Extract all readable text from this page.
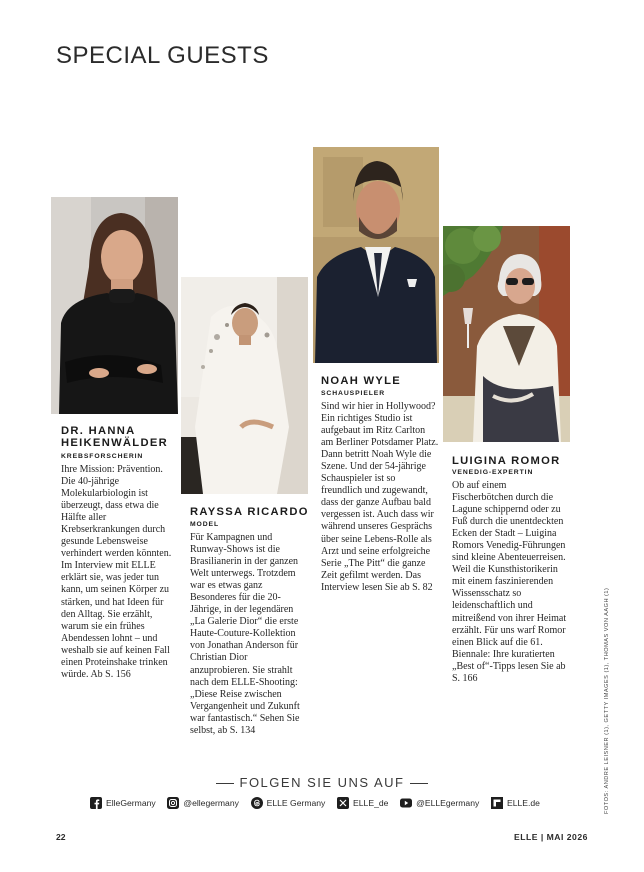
SPECIAL GUESTS
DR. HANNA HEIKENWÄLDER
KREBSFORSCHERIN

Ihre Mission: Prävention. Die 40-jährige Molekularbiologin ist überzeugt, dass etwa die Hälfte aller Krebserkrankungen durch gesunde Lebensweise verhindert werden könnten. Im Interview mit ELLE erklärt sie, was jeder tun kann, um seinen Körper zu stärken, und hat Ideen für den Alltag. Sie erzählt, warum sie ein frühes Abendessen lohnt – und weshalb sie auf keinen Fall einen Proteinshake trinken würde. Ab S. 156

RAYSSA RICARDO
MODEL

Für Kampagnen und Runway-Shows ist die Brasilianerin in der ganzen Welt unterwegs. Trotzdem war es etwas ganz Besonderes für die 20-Jährige, in der legendären „La Galerie Dior“ die erste Haute-Couture-Kollektion von Jonathan Anderson für Christian Dior anzuprobieren. Sie strahlt nach dem ELLE-Shooting: „Diese Reise zwischen Vergangenheit und Zukunft war fantastisch.“ Sehen Sie selbst, ab S. 134

NOAH WYLE
SCHAUSPIELER

Sind wir hier in Hollywood? Ein richtiges Studio ist aufgebaut im Ritz Carlton am Berliner Potsdamer Platz. Dann betritt Noah Wyle die Szene. Und der 54-jährige Schauspieler ist so freundlich und zugewandt, dass der ganze Aufbau bald vergessen ist. Auch dass wir während unseres Gesprächs über seine Lebens-Rolle als Arzt und seine erfolgreiche Serie „The Pitt“ die ganze Zeit gefilmt werden. Das Interview lesen Sie ab S. 82

LUIGINA ROMOR
VENEDIG-EXPERTIN

Ob auf einem Fischerbötchen durch die Lagune schippernd oder zu Fuß durch die unentdeckten Ecken der Stadt – Luigina Romors Venedig-Führungen sind kleine Abenteuerreisen. Weil die Kunsthistorikerin mit einem faszinierenden Wissensschatz so leidenschaftlich und mitreißend von ihrer Heimat erzählt. Für uns warf Romor einen Blick auf die 61. Biennale: Ihre kuratierten „Best of“-Tipps lesen Sie ab S. 166

FOLGEN SIE UNS AUF
ElleGermany	@ellegermany	ELLE Germany	ELLE_de	@ELLEgermany	ELLE.de
22	ELLE | MAI 2026
FOTOS: ANDRE LEISNER (1), GETTY IMAGES (1), THOMAS VON AAGH (1)
